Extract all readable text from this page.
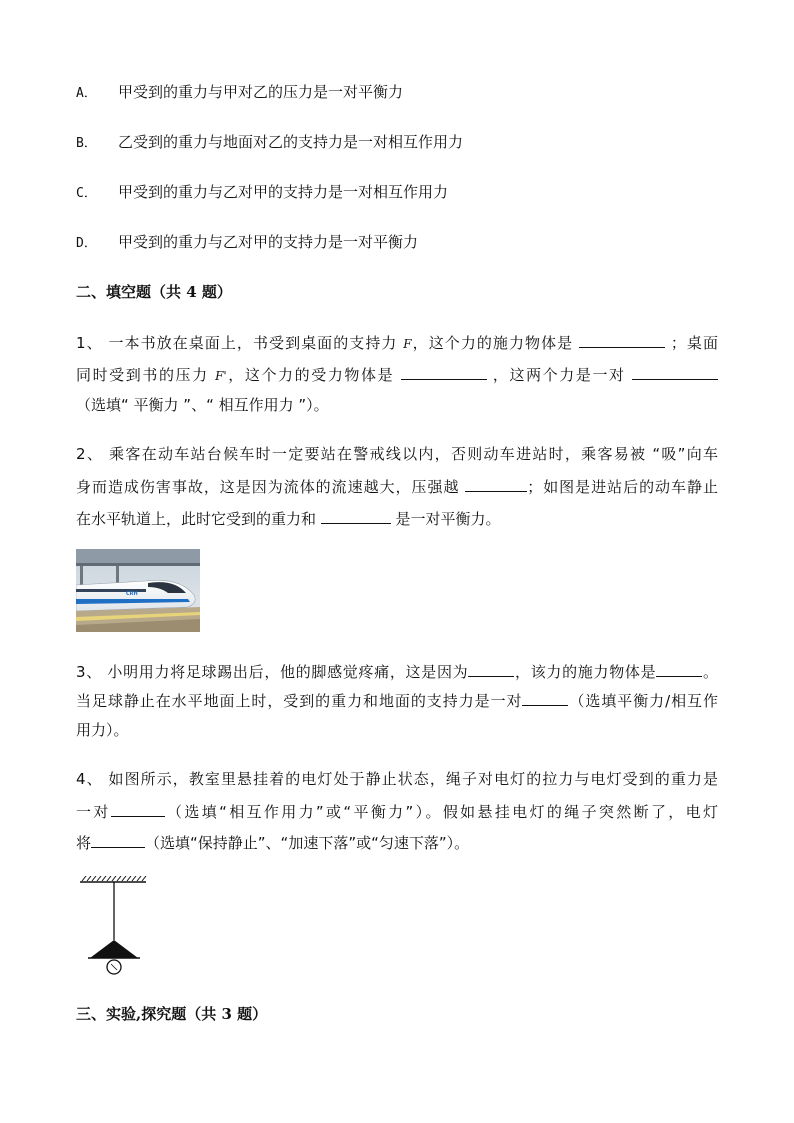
A． 甲受到的重力与甲对乙的压力是一对平衡力
B． 乙受到的重力与地面对乙的支持力是一对相互作用力
C． 甲受到的重力与乙对甲的支持力是一对相互作用力
D． 甲受到的重力与乙对甲的支持力是一对平衡力
二、填空题（共 4 题）
1、 一本书放在桌面上，书受到桌面的支持力 F，这个力的施力物体是	；桌面
同时受到书的压力 F'，这个力的受力物体是	，这两个力是一对
（选填“ 平衡力 ”、“ 相互作用力 ”）。
2、 乘客在动车站台候车时一定要站在警戒线以内，否则动车进站时，乘客易被 “吸”向车
身而造成伤害事故，这是因为流体的流速越大，压强越	；如图是进站后的动车静止
在水平轨道上，此时它受到的重力和	是一对平衡力。
CRH
3、 小明用力将足球踢出后，他的脚感觉疼痛，这是因为	，该力的施力物体是	。
当足球静止在水平地面上时，受到的重力和地面的支持力是一对	（选填平衡力/相互作
用力）。
4、 如图所示，教室里悬挂着的电灯处于静止状态，绳子对电灯的拉力与电灯受到的重力是
一对	（选填“相互作用力”或“平衡力”）。假如悬挂电灯的绳子突然断了，电灯
将	（选填“保持静止”、“加速下落”或“匀速下落”）。
三、实验,探究题（共 3 题）
